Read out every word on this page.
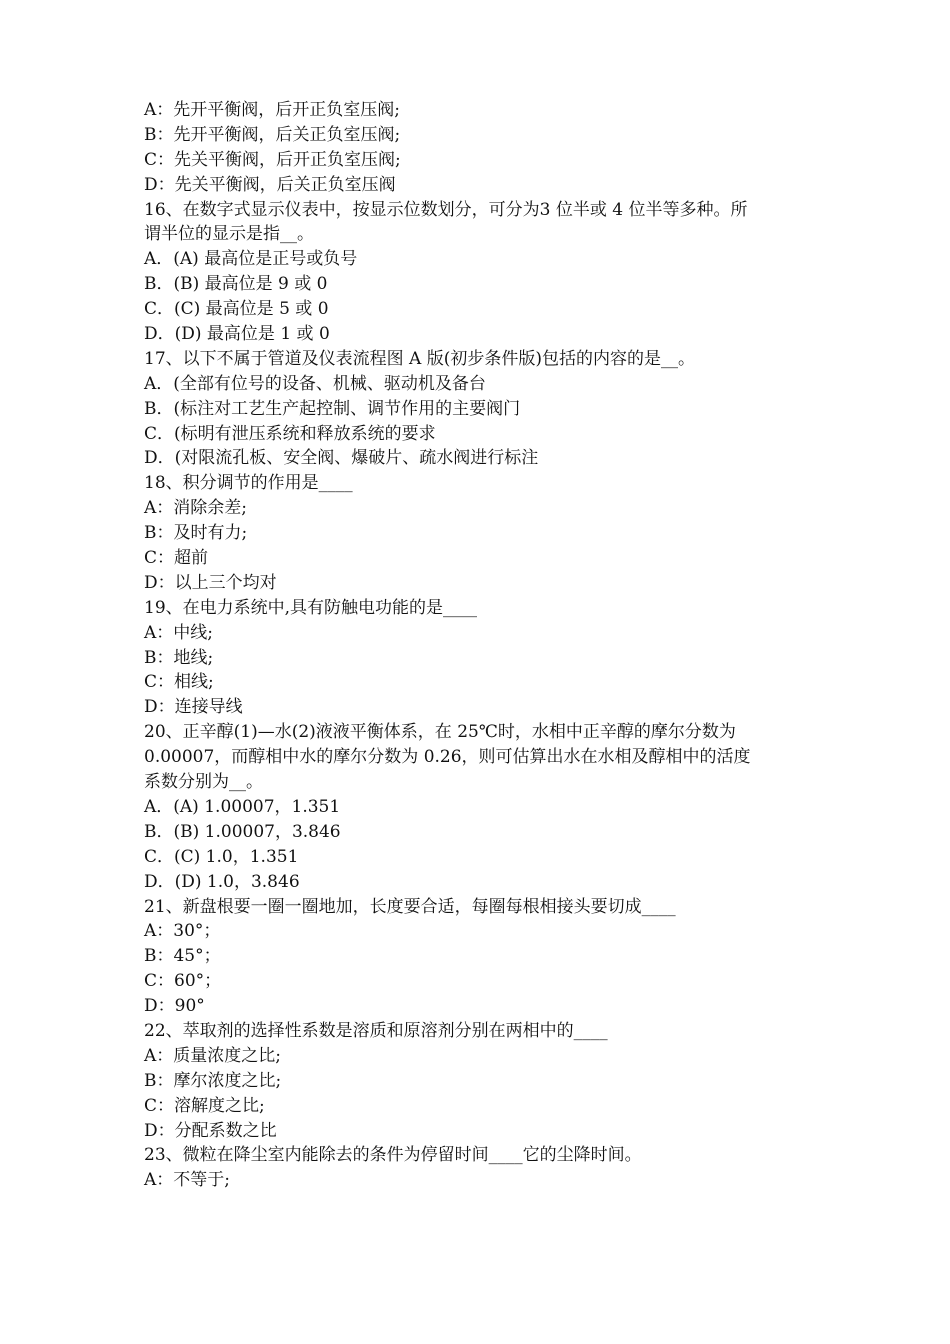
A：先开平衡阀，后开正负室压阀;
B：先开平衡阀，后关正负室压阀;
C：先关平衡阀，后开正负室压阀;
D：先关平衡阀，后关正负室压阀
16、在数字式显示仪表中，按显示位数划分，可分为3 位半或 4 位半等多种。所
谓半位的显示是指__。
A．(A) 最高位是正号或负号
B．(B) 最高位是 9 或 0
C．(C) 最高位是 5 或 0
D．(D) 最高位是 1 或 0
17、以下不属于管道及仪表流程图 A 版(初步条件版)包括的内容的是__。
A．(全部有位号的设备、机械、驱动机及备台
B．(标注对工艺生产起控制、调节作用的主要阀门
C．(标明有泄压系统和释放系统的要求
D．(对限流孔板、安全阀、爆破片、疏水阀进行标注
18、积分调节的作用是____
A：消除余差;
B：及时有力;
C：超前
D：以上三个均对
19、在电力系统中,具有防触电功能的是____
A：中线;
B：地线;
C：相线;
D：连接导线
20、正辛醇(1)—水(2)液液平衡体系，在 25℃时，水相中正辛醇的摩尔分数为
0.00007，而醇相中水的摩尔分数为 0.26，则可估算出水在水相及醇相中的活度
系数分别为__。
A．(A) 1.00007，1.351
B．(B) 1.00007，3.846
C．(C) 1.0，1.351
D．(D) 1.0，3.846
21、新盘根要一圈一圈地加，长度要合适，每圈每根相接头要切成____
A：30°；
B：45°；
C：60°；
D：90°
22、萃取剂的选择性系数是溶质和原溶剂分别在两相中的____
A：质量浓度之比;
B：摩尔浓度之比;
C：溶解度之比;
D：分配系数之比
23、微粒在降尘室内能除去的条件为停留时间____它的尘降时间。
A：不等于;
